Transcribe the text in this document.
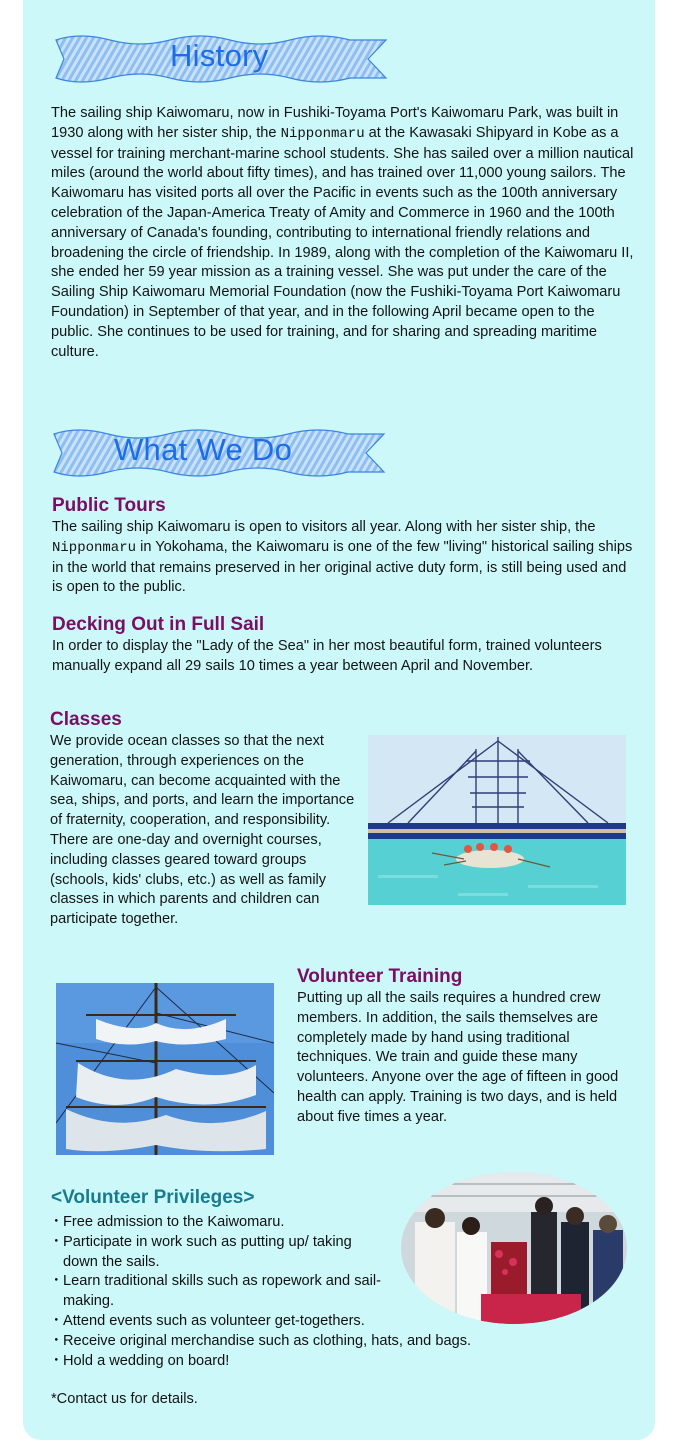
History

The sailing ship Kaiwomaru, now in Fushiki-Toyama Port's Kaiwomaru Park, was built in 1930 along with her sister ship, the Nipponmaru at the Kawasaki Shipyard in Kobe as a vessel for training merchant-marine school students. She has sailed over a million nautical miles (around the world about fifty times), and has trained over 11,000 young sailors. The Kaiwomaru has visited ports all over the Pacific in events such as the 100th anniversary celebration of the Japan-America Treaty of Amity and Commerce in 1960 and the 100th anniversary of Canada's founding, contributing to international friendly relations and broadening the circle of friendship. In 1989, along with the completion of the Kaiwomaru II, she ended her 59 year mission as a training vessel. She was put under the care of the Sailing Ship Kaiwomaru Memorial Foundation (now the Fushiki-Toyama Port Kaiwomaru Foundation) in September of that year, and in the following April became open to the public. She continues to be used for training, and for sharing and spreading maritime culture.

What We Do
Public Tours

The sailing ship Kaiwomaru is open to visitors all year. Along with her sister ship, the Nipponmaru in Yokohama, the Kaiwomaru is one of the few "living" historical sailing ships in the world that remains preserved in her original active duty form, is still being used and is open to the public.

Decking Out in Full Sail

In order to display the "Lady of the Sea" in her most beautiful form, trained volunteers manually expand all 29 sails 10 times a year between April and November.

Classes

We provide ocean classes so that the next generation, through experiences on the Kaiwomaru, can become acquainted with the sea, ships, and ports, and learn the importance of fraternity, cooperation, and responsibility. There are one-day and overnight courses, including classes geared toward groups (schools, kids' clubs, etc.) as well as family classes in which parents and children can participate together.

Volunteer Training

Putting up all the sails requires a hundred crew members. In addition, the sails themselves are completely made by hand using traditional techniques. We train and guide these many volunteers. Anyone over the age of fifteen in good health can apply. Training is two days, and is held about five times a year.

<Volunteer Privileges>
・ Free admission to the Kaiwomaru.
・ Participate in work such as putting up/ taking down the sails.
・ Learn traditional skills such as ropework and sail-making.
・ Attend events such as volunteer get-togethers.
・ Receive original merchandise such as clothing, hats, and bags.
・ Hold a wedding on board!

*Contact us for details.
